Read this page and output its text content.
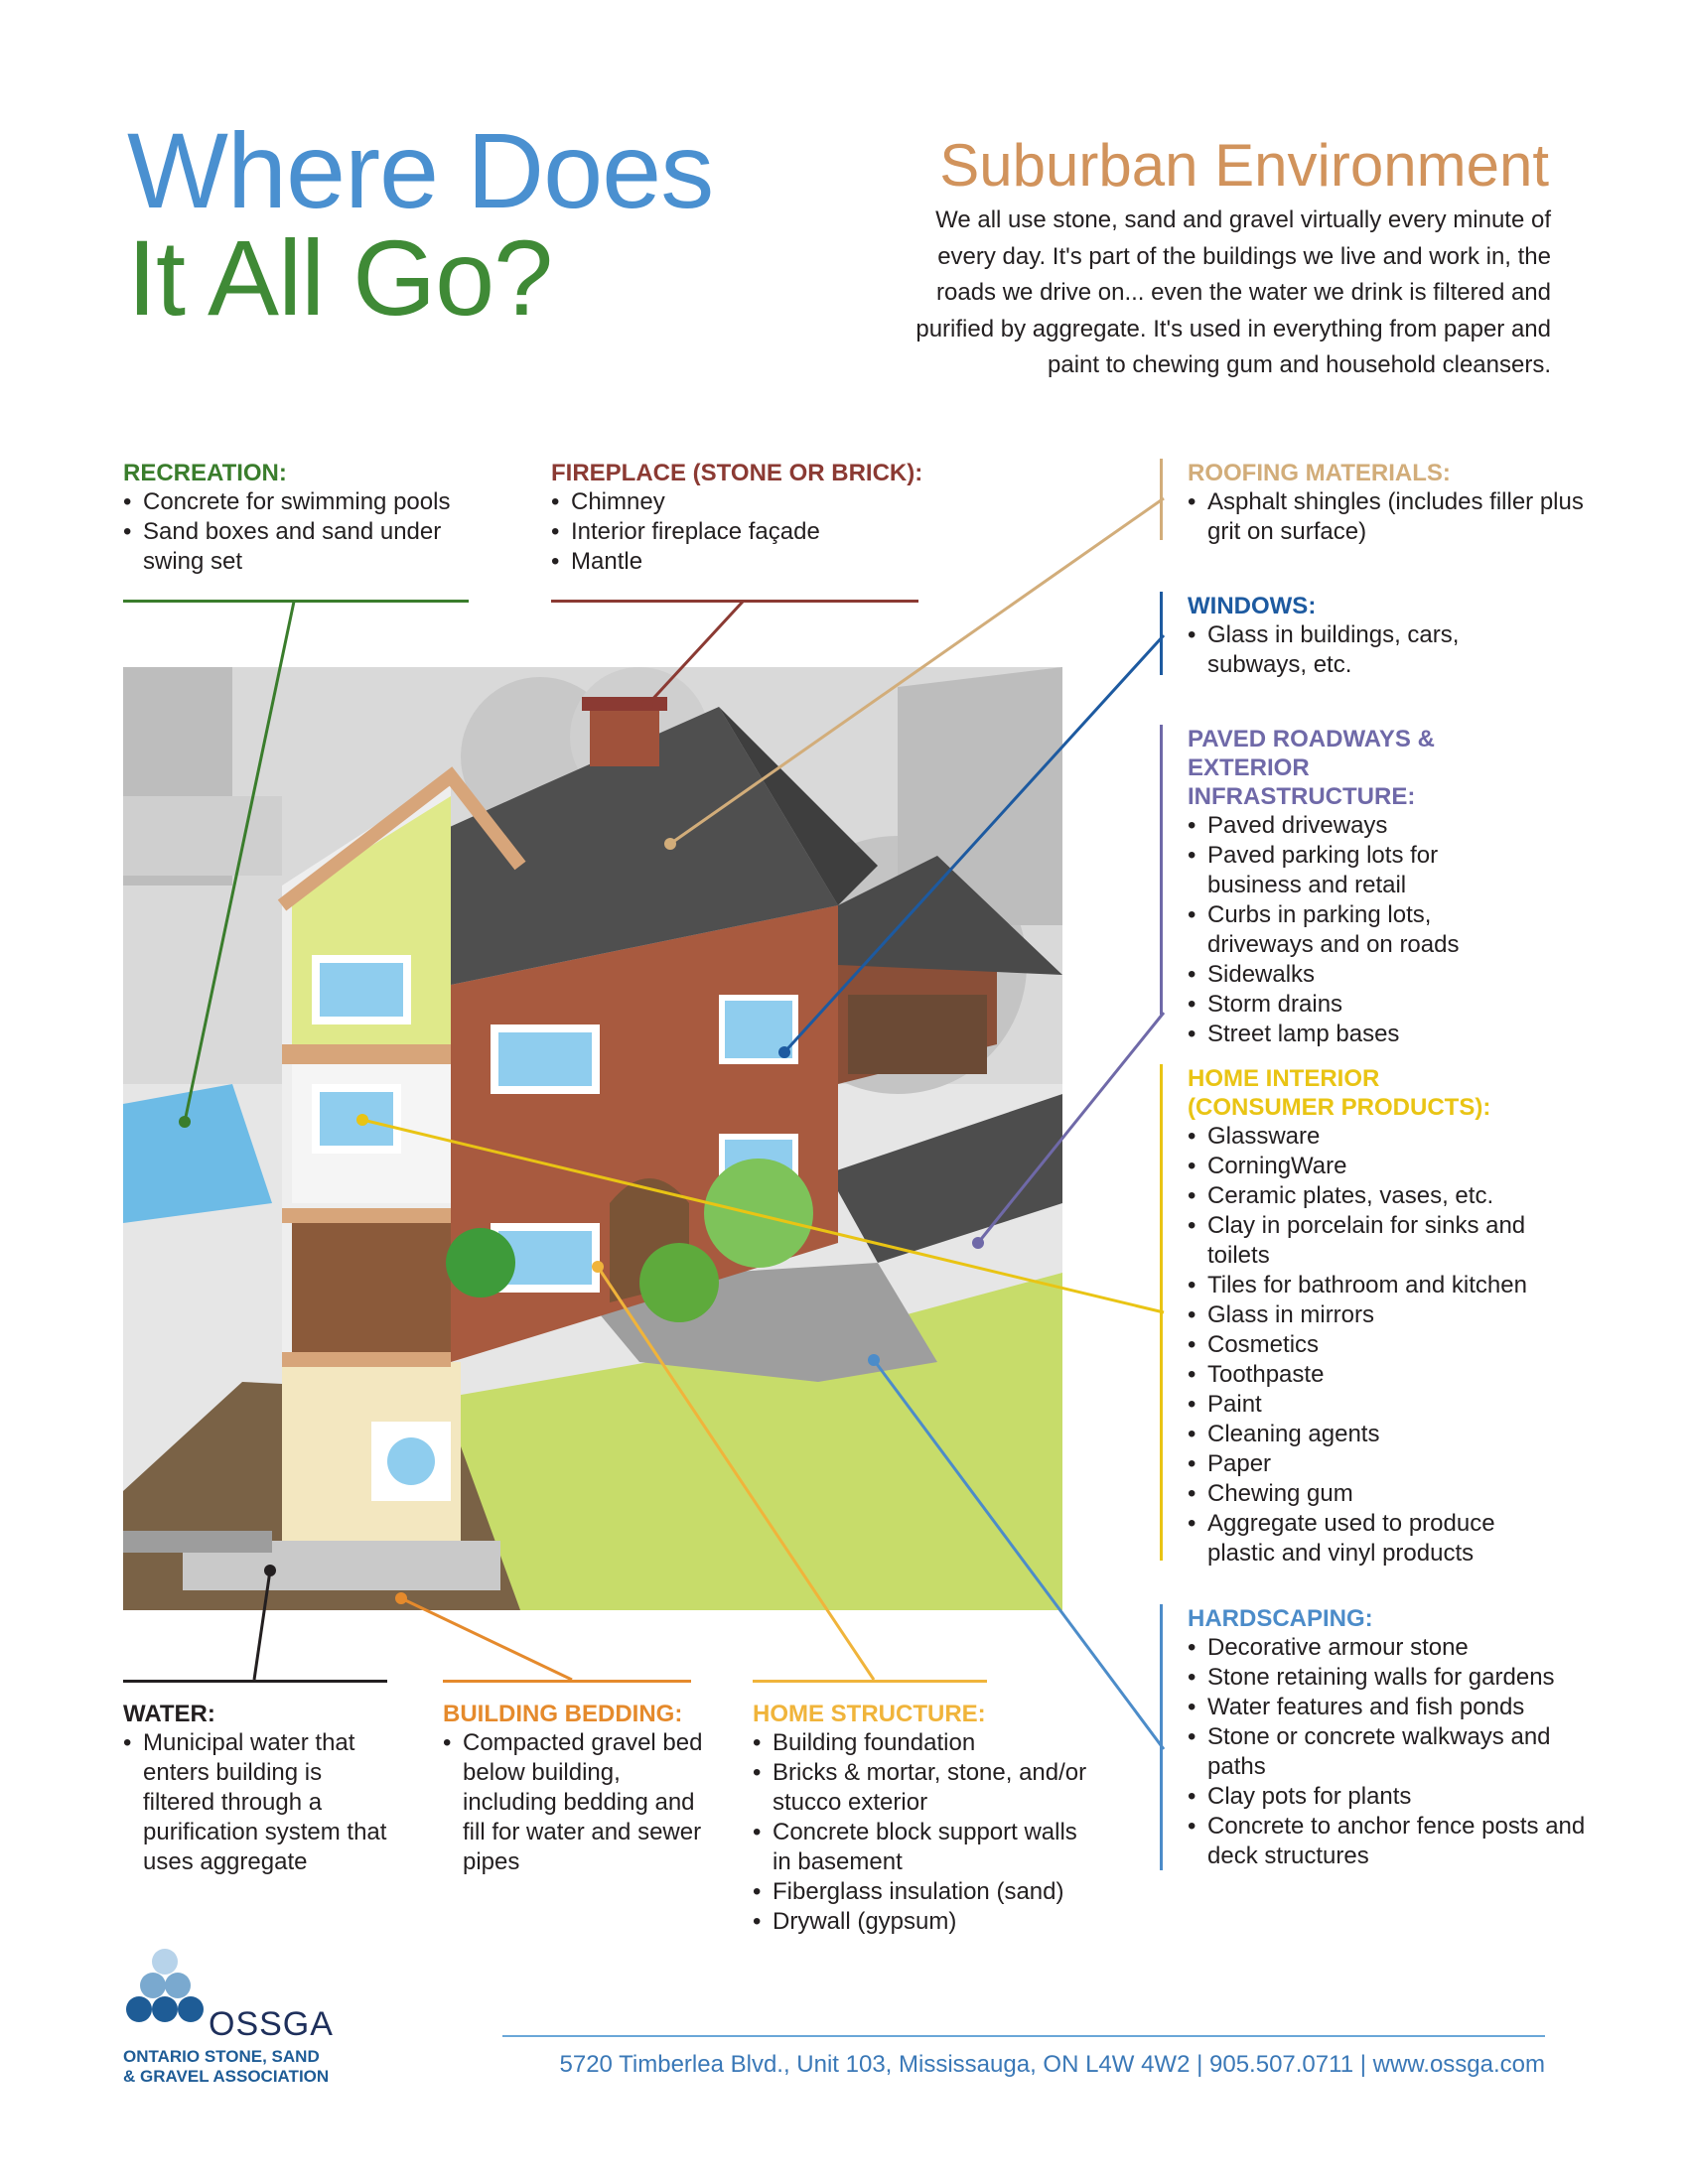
Where Does
It All Go?
Suburban Environment
We all use stone, sand and gravel virtually every minute of every day. It's part of the buildings we live and work in, the roads we drive on... even the water we drink is filtered and purified by aggregate. It's used in everything from paper and paint to chewing gum and household cleansers.
RECREATION:
• Concrete for swimming pools
• Sand boxes and sand under swing set
FIREPLACE (STONE OR BRICK):
• Chimney
• Interior fireplace façade
• Mantle
ROOFING MATERIALS:
• Asphalt shingles (includes filler plus grit on surface)
WINDOWS:
• Glass in buildings, cars, subways, etc.
PAVED ROADWAYS &
EXTERIOR INFRASTRUCTURE:
• Paved driveways
• Paved parking lots for business and retail
• Curbs in parking lots, driveways and on roads
• Sidewalks
• Storm drains
• Street lamp bases
HOME INTERIOR
(CONSUMER PRODUCTS):
• Glassware
• CorningWare
• Ceramic plates, vases, etc.
• Clay in porcelain for sinks and toilets
• Tiles for bathroom and kitchen
• Glass in mirrors
• Cosmetics
• Toothpaste
• Paint
• Cleaning agents
• Paper
• Chewing gum
• Aggregate used to produce plastic and vinyl products
HARDSCAPING:
• Decorative armour stone
• Stone retaining walls for gardens
• Water features and fish ponds
• Stone or concrete walkways and paths
• Clay pots for plants
• Concrete to anchor fence posts and deck structures
WATER:
• Municipal water that enters building is filtered through a purification system that uses aggregate
BUILDING BEDDING:
• Compacted gravel bed below building, including bedding and fill for water and sewer pipes
HOME STRUCTURE:
• Building foundation
• Bricks & mortar, stone, and/or stucco exterior
• Concrete block support walls in basement
• Fiberglass insulation (sand)
• Drywall (gypsum)
OSSGA
ONTARIO STONE, SAND
& GRAVEL ASSOCIATION	5720 Timberlea Blvd., Unit 103, Mississauga, ON L4W 4W2 | 905.507.0711 | www.ossga.com
